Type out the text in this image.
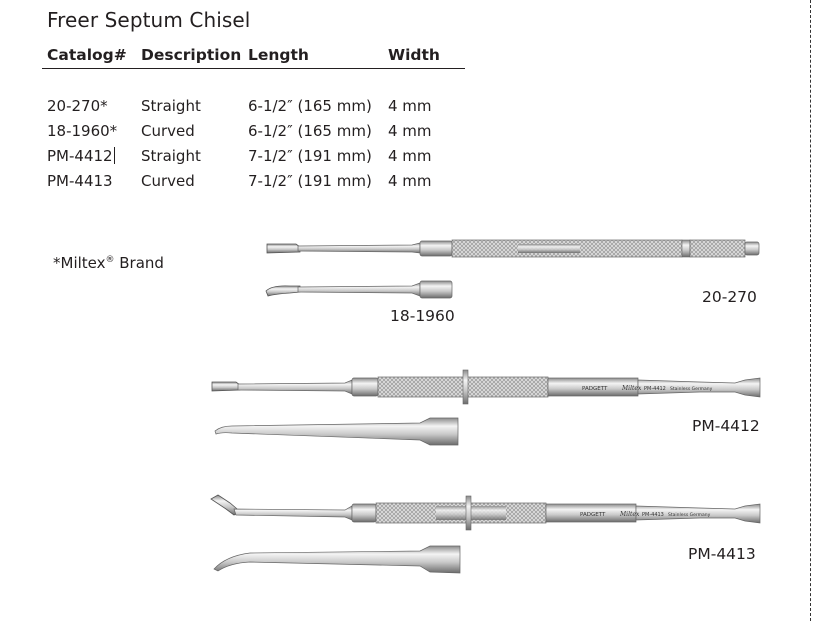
Freer Septum Chisel
Catalog# Description Length	Width
20-270* Straight	6-1/2″ (165 mm) 4 mm
18-1960* Curved	6-1/2″ (165 mm) 4 mm
PM-4412 Straight	7-1/2″ (191 mm) 4 mm
PM-4413 Curved	7-1/2″ (191 mm) 4 mm
*Miltex® Brand
PADGETT Miltex PM-4412 Stainless Germany
PADGETT Miltex PM-4413 Stainless Germany
18-1960
20-270
PM-4412
PM-4413
